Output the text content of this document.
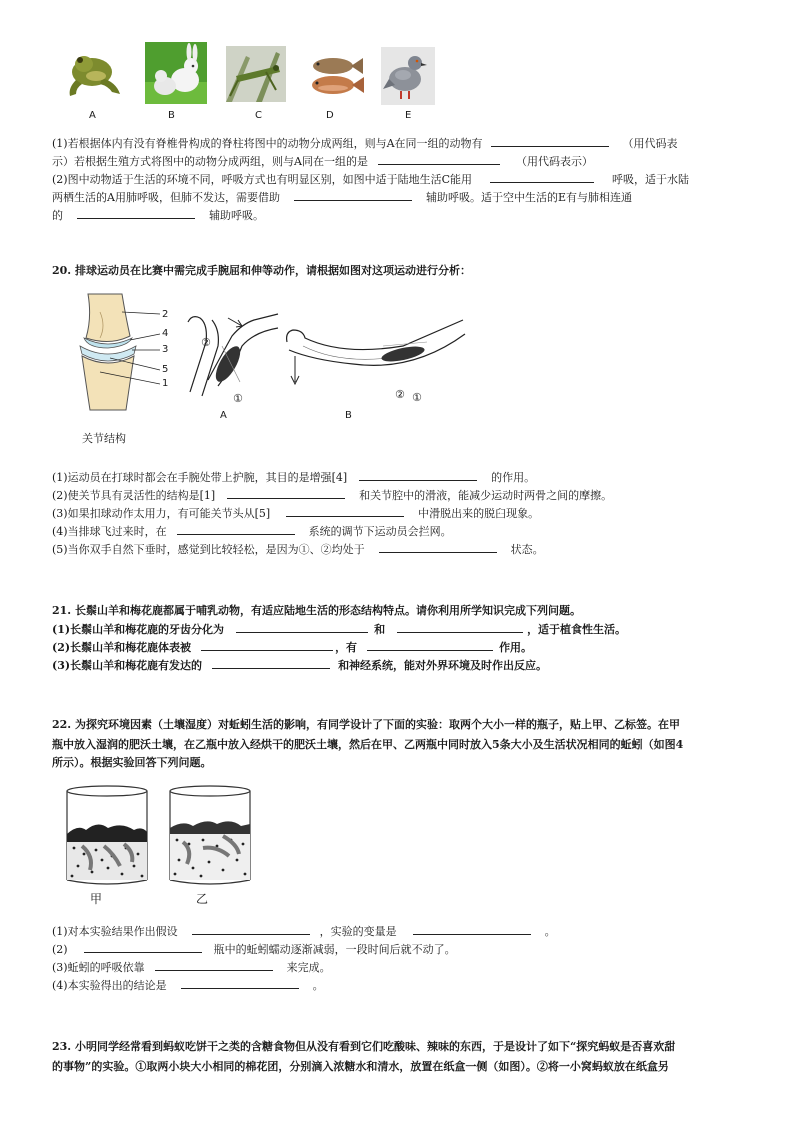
A	B	C	D	E
(1)若根据体内有没有脊椎骨构成的脊柱将图中的动物分成两组，则与A在同一组的动物有	（用代码表
示）若根据生殖方式将图中的动物分成两组，则与A同在一组的是	（用代码表示）
(2)图中动物适于生活的环境不同，呼吸方式也有明显区别，如图中适于陆地生活C能用	呼吸，适于水陆
两栖生活的A用肺呼吸，但肺不发达，需要借助	辅助呼吸。适于空中生活的E有与肺相连通
的	辅助呼吸。
20. 排球运动员在比赛中需完成手腕屈和伸等动作，请根据如图对这项运动进行分析：
2
4
3
5
1
关节结构
②
①
A
② ①
B
(1)运动员在打球时都会在手腕处带上护腕，其目的是增强[4]	的作用。
(2)使关节具有灵活性的结构是[1]	和关节腔中的滑液，能减少运动时两骨之间的摩擦。
(3)如果扣球动作太用力，有可能关节头从[5]	中滑脱出来的脱臼现象。
(4)当排球飞过来时，在	系统的调节下运动员会拦网。
(5)当你双手自然下垂时，感觉到比较轻松，是因为①、②均处于	状态。
21. 长鬃山羊和梅花鹿都属于哺乳动物，有适应陆地生活的形态结构特点。请你利用所学知识完成下列问题。
(1)长鬃山羊和梅花鹿的牙齿分化为	和	，适于植食性生活。
(2)长鬃山羊和梅花鹿体表被	，有	作用。
(3)长鬃山羊和梅花鹿有发达的	和神经系统，能对外界环境及时作出反应。
22. 为探究环境因素（土壤湿度）对蚯蚓生活的影响，有同学设计了下面的实验：取两个大小一样的瓶子，贴上甲、乙标签。在甲
瓶中放入湿润的肥沃土壤，在乙瓶中放入经烘干的肥沃土壤，然后在甲、乙两瓶中同时放入5条大小及生活状况相同的蚯蚓（如图4
所示）。根据实验回答下列问题。
甲	乙
(1)对本实验结果作出假设	，实验的变量是	。
(2)	瓶中的蚯蚓蠕动逐渐减弱，一段时间后就不动了。
(3)蚯蚓的呼吸依靠	来完成。
(4)本实验得出的结论是	。
23. 小明同学经常看到蚂蚁吃饼干之类的含糖食物但从没有看到它们吃酸味、辣味的东西，于是设计了如下“探究蚂蚁是否喜欢甜
的事物”的实验。①取两小块大小相同的棉花团，分别滴入浓糖水和清水，放置在纸盒一侧（如图）。②将一小窝蚂蚁放在纸盒另
